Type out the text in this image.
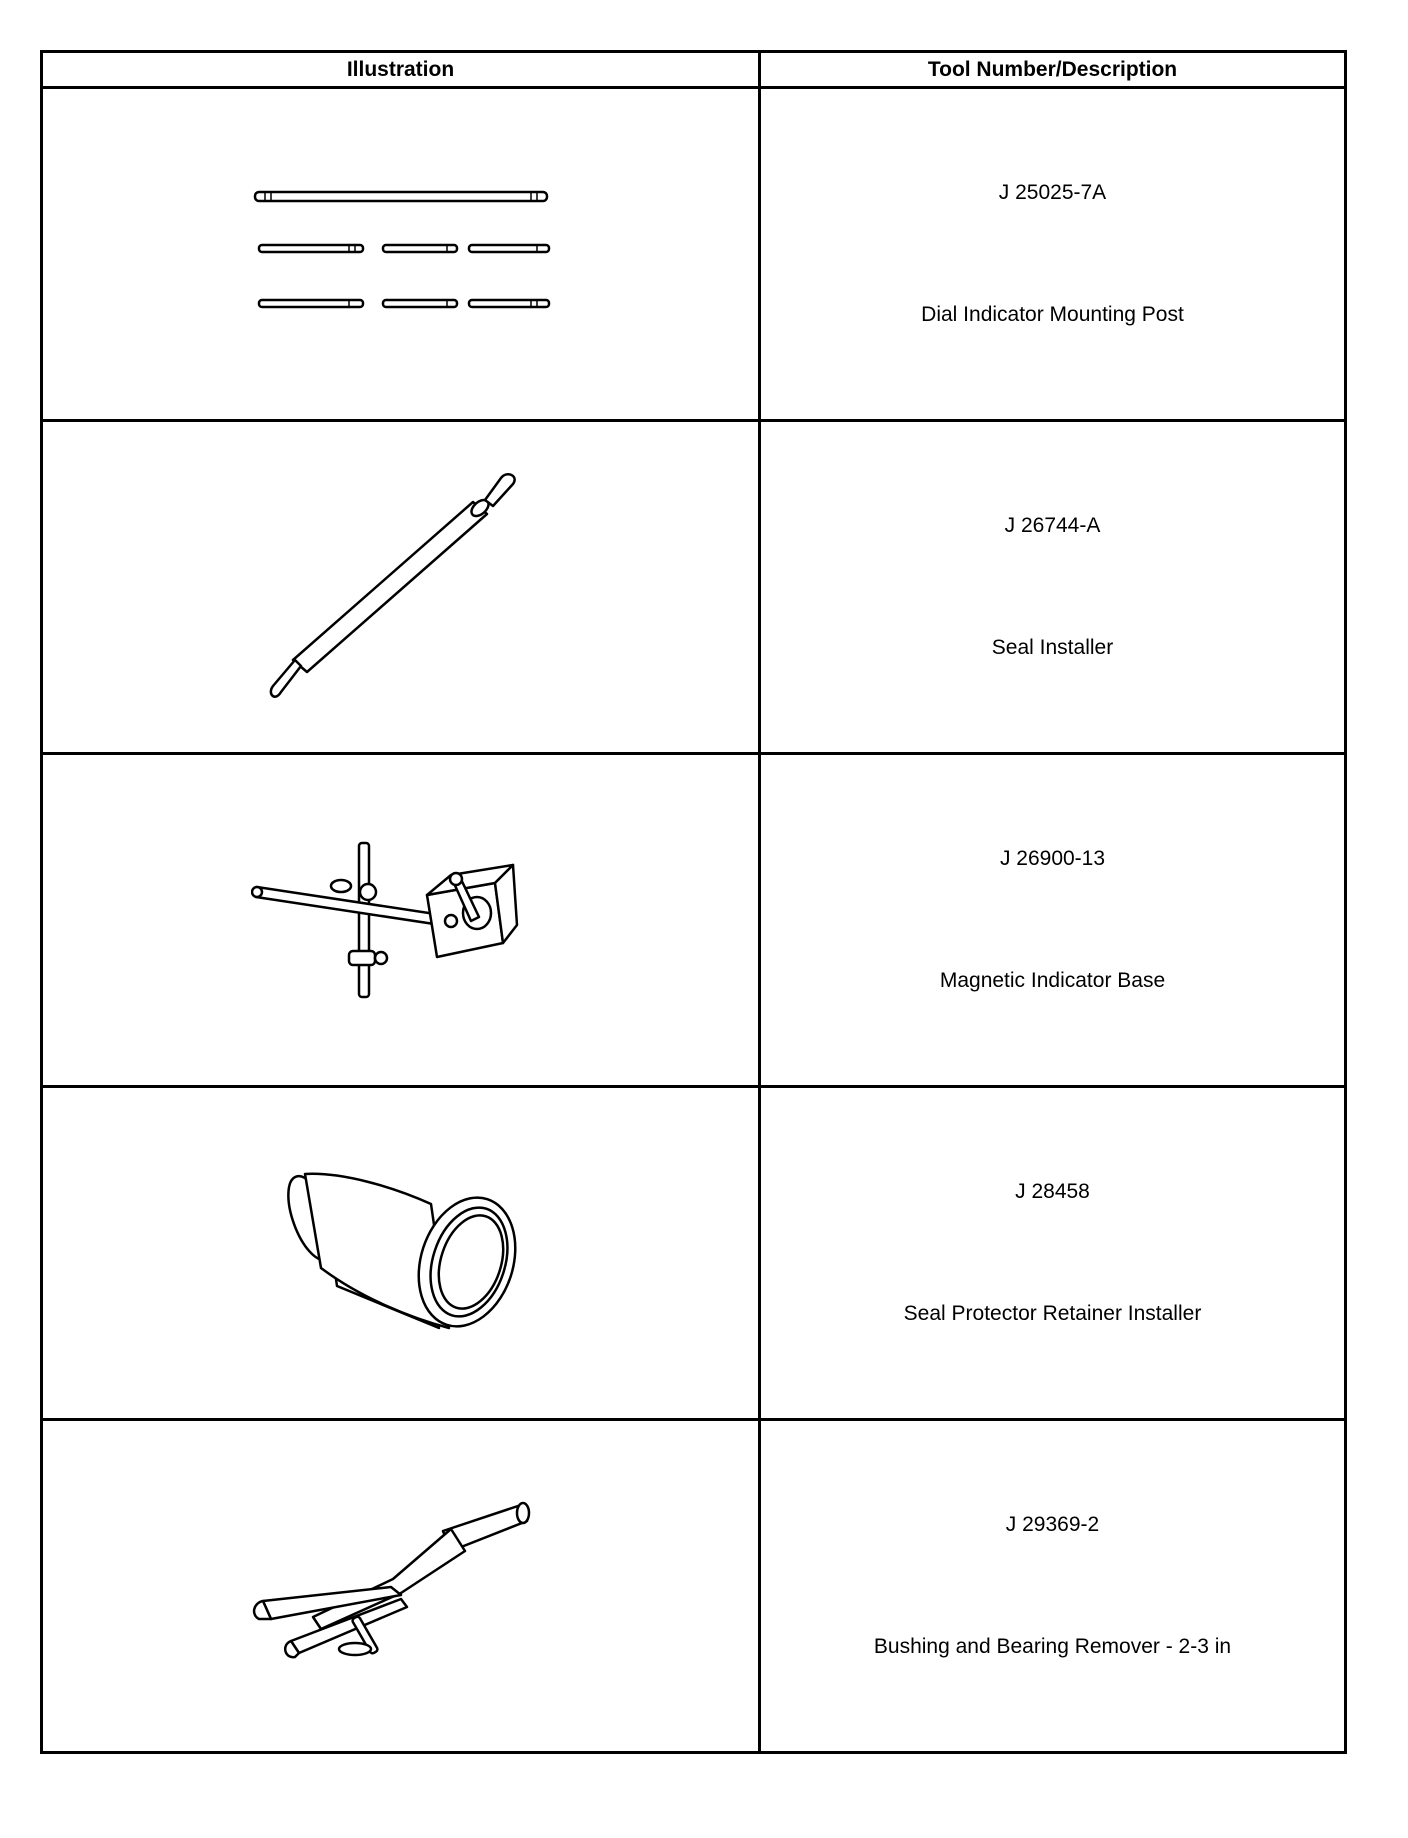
Illustration	Tool Number/Description

J 25025-7A
Dial Indicator Mounting Post

J 26744-A
Seal Installer

J 26900-13
Magnetic Indicator Base

J 28458
Seal Protector Retainer Installer

J 29369-2
Bushing and Bearing Remover - 2-3 in
